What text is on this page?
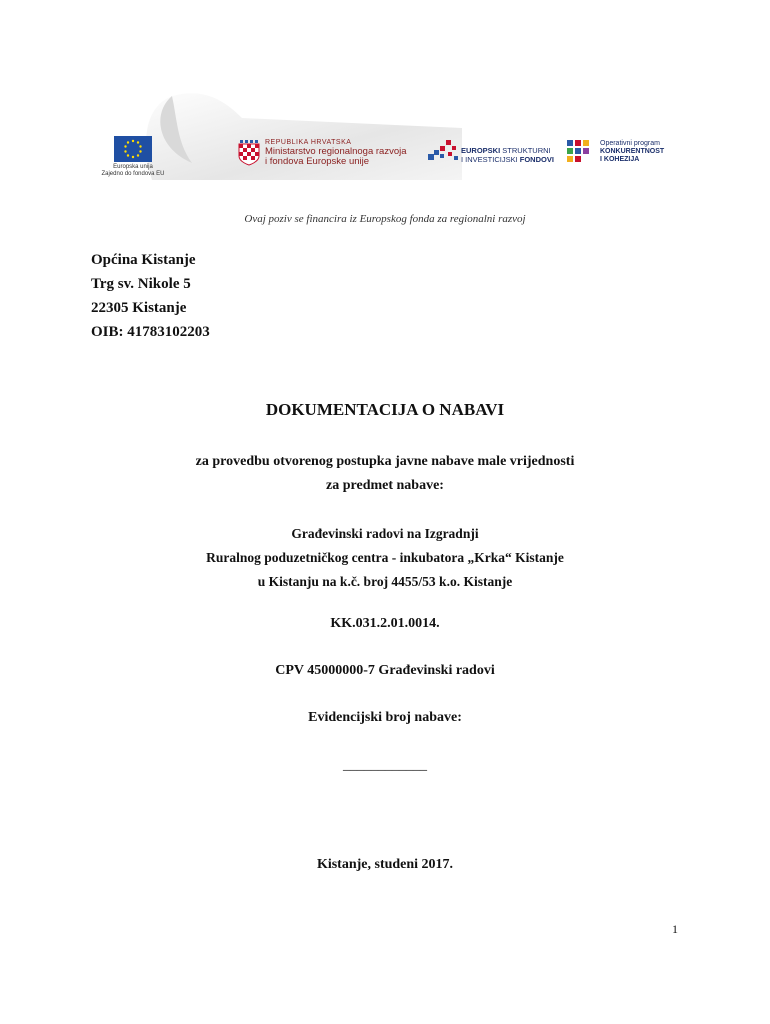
Europska unija
Zajedno do fondova EU
REPUBLIKA HRVATSKA
Ministarstvo regionalnoga razvoja
i fondova Europske unije
EUROPSKI STRUKTURNI
I INVESTICIJSKI FONDOVI
Operativni program
KONKURENTNOST
I KOHEZIJA
Ovaj poziv se financira iz Europskog fonda za regionalni razvoj
Općina Kistanje
Trg sv. Nikole 5
22305 Kistanje
OIB: 41783102203
DOKUMENTACIJA O NABAVI
za provedbu otvorenog postupka javne nabave male vrijednosti
za predmet nabave:
Građevinski radovi na Izgradnji
Ruralnog poduzetničkog centra - inkubatora „Krka“ Kistanje
u Kistanju na k.č. broj 4455/53 k.o. Kistanje
KK.031.2.01.0014.
CPV 45000000-7 Građevinski radovi
Evidencijski broj nabave:
____________
Kistanje, studeni 2017.
1
